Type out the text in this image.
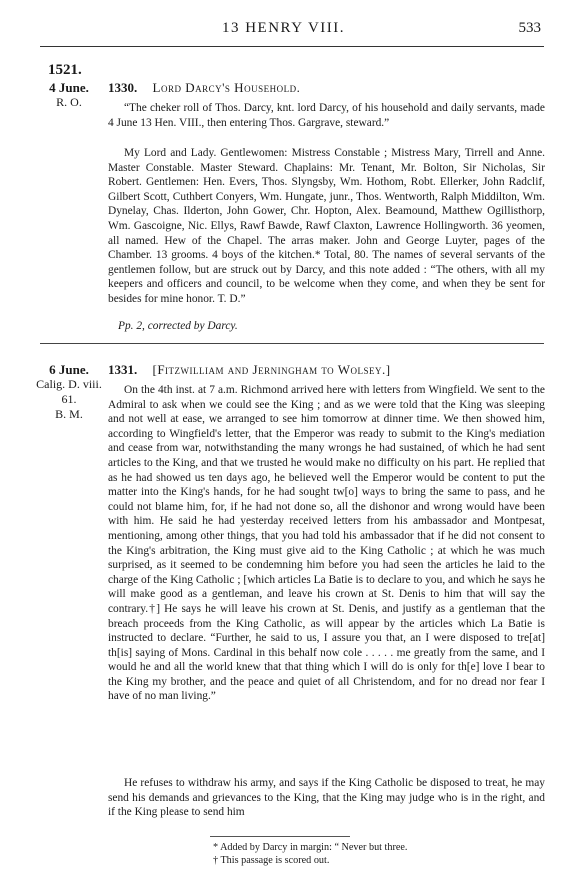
13 HENRY VIII.	533
1521.
4 June.
R. O.
1330. Lord Darcy's Household.
“The cheker roll of Thos. Darcy, knt. lord Darcy, of his household and daily servants, made 4 June 13 Hen. VIII., then entering Thos. Gargrave, steward.”
My Lord and Lady. Gentlewomen: Mistress Constable ; Mistress Mary, Tirrell and Anne. Master Constable. Master Steward. Chaplains: Mr. Tenant, Mr. Bolton, Sir Nicholas, Sir Robert. Gentlemen: Hen. Evers, Thos. Slyngsby, Wm. Hothom, Robt. Ellerker, John Radclif, Gilbert Scott, Cuthbert Conyers, Wm. Hungate, junr., Thos. Wentworth, Ralph Middilton, Wm. Dynelay, Chas. Ilderton, John Gower, Chr. Hopton, Alex. Beamound, Matthew Ogillisthorp, Wm. Gascoigne, Nic. Ellys, Rawf Bawde, Rawf Claxton, Lawrence Hollingworth. 36 yeomen, all named. Hew of the Chapel. The arras maker. John and George Luyter, pages of the Chamber. 13 grooms. 4 boys of the kitchen.* Total, 80. The names of several servants of the gentlemen follow, but are struck out by Darcy, and this note added : “The others, with all my keepers and officers and council, to be welcome when they come, and when they be sent for besides for mine honor. T. D.”
Pp. 2, corrected by Darcy.
6 June.
Calig. D. viii.
61.
B. M.
1331. [Fitzwilliam and Jerningham to Wolsey.]
On the 4th inst. at 7 a.m. Richmond arrived here with letters from Wingfield. We sent to the Admiral to ask when we could see the King ; and as we were told that the King was sleeping and not well at ease, we arranged to see him tomorrow at dinner time. We then showed him, according to Wingfield's letter, that the Emperor was ready to submit to the King's mediation and cease from war, notwithstanding the many wrongs he had sustained, of which he had sent articles to the King, and that we trusted he would make no difficulty on his part. He replied that as he had showed us ten days ago, he believed well the Emperor would be content to put the matter into the King's hands, for he had sought tw[o] ways to bring the same to pass, and he could not blame him, for, if he had not done so, all the dishonor and wrong would have been with him. He said he had yesterday received letters from his ambassador and Montpesat, mentioning, among other things, that you had told his ambassador that if he did not consent to the King's arbitration, the King must give aid to the King Catholic ; at which he was much surprised, as it seemed to be condemning him before you had seen the articles he laid to the charge of the King Catholic ; [which articles La Batie is to declare to you, and which he says he will make good as a gentleman, and leave his crown at St. Denis to him that will say the contrary.†] He says he will leave his crown at St. Denis, and justify as a gentleman that the breach proceeds from the King Catholic, as will appear by the articles which La Batie is instructed to declare. “Further, he said to us, I assure you that, an I were disposed to tre[at] th[is] saying of Mons. Cardinal in this behalf now cole . . . . . me greatly from the same, and I would he and all the world knew that that thing which I will do is only for th[e] love I bear to the King my brother, and the peace and quiet of all Christendom, and for no dread nor fear I have of no man living.”
He refuses to withdraw his army, and says if the King Catholic be disposed to treat, he may send his demands and grievances to the King, that the King may judge who is in the right, and if the King please to send him
* Added by Darcy in margin: “ Never but three.
† This passage is scored out.
